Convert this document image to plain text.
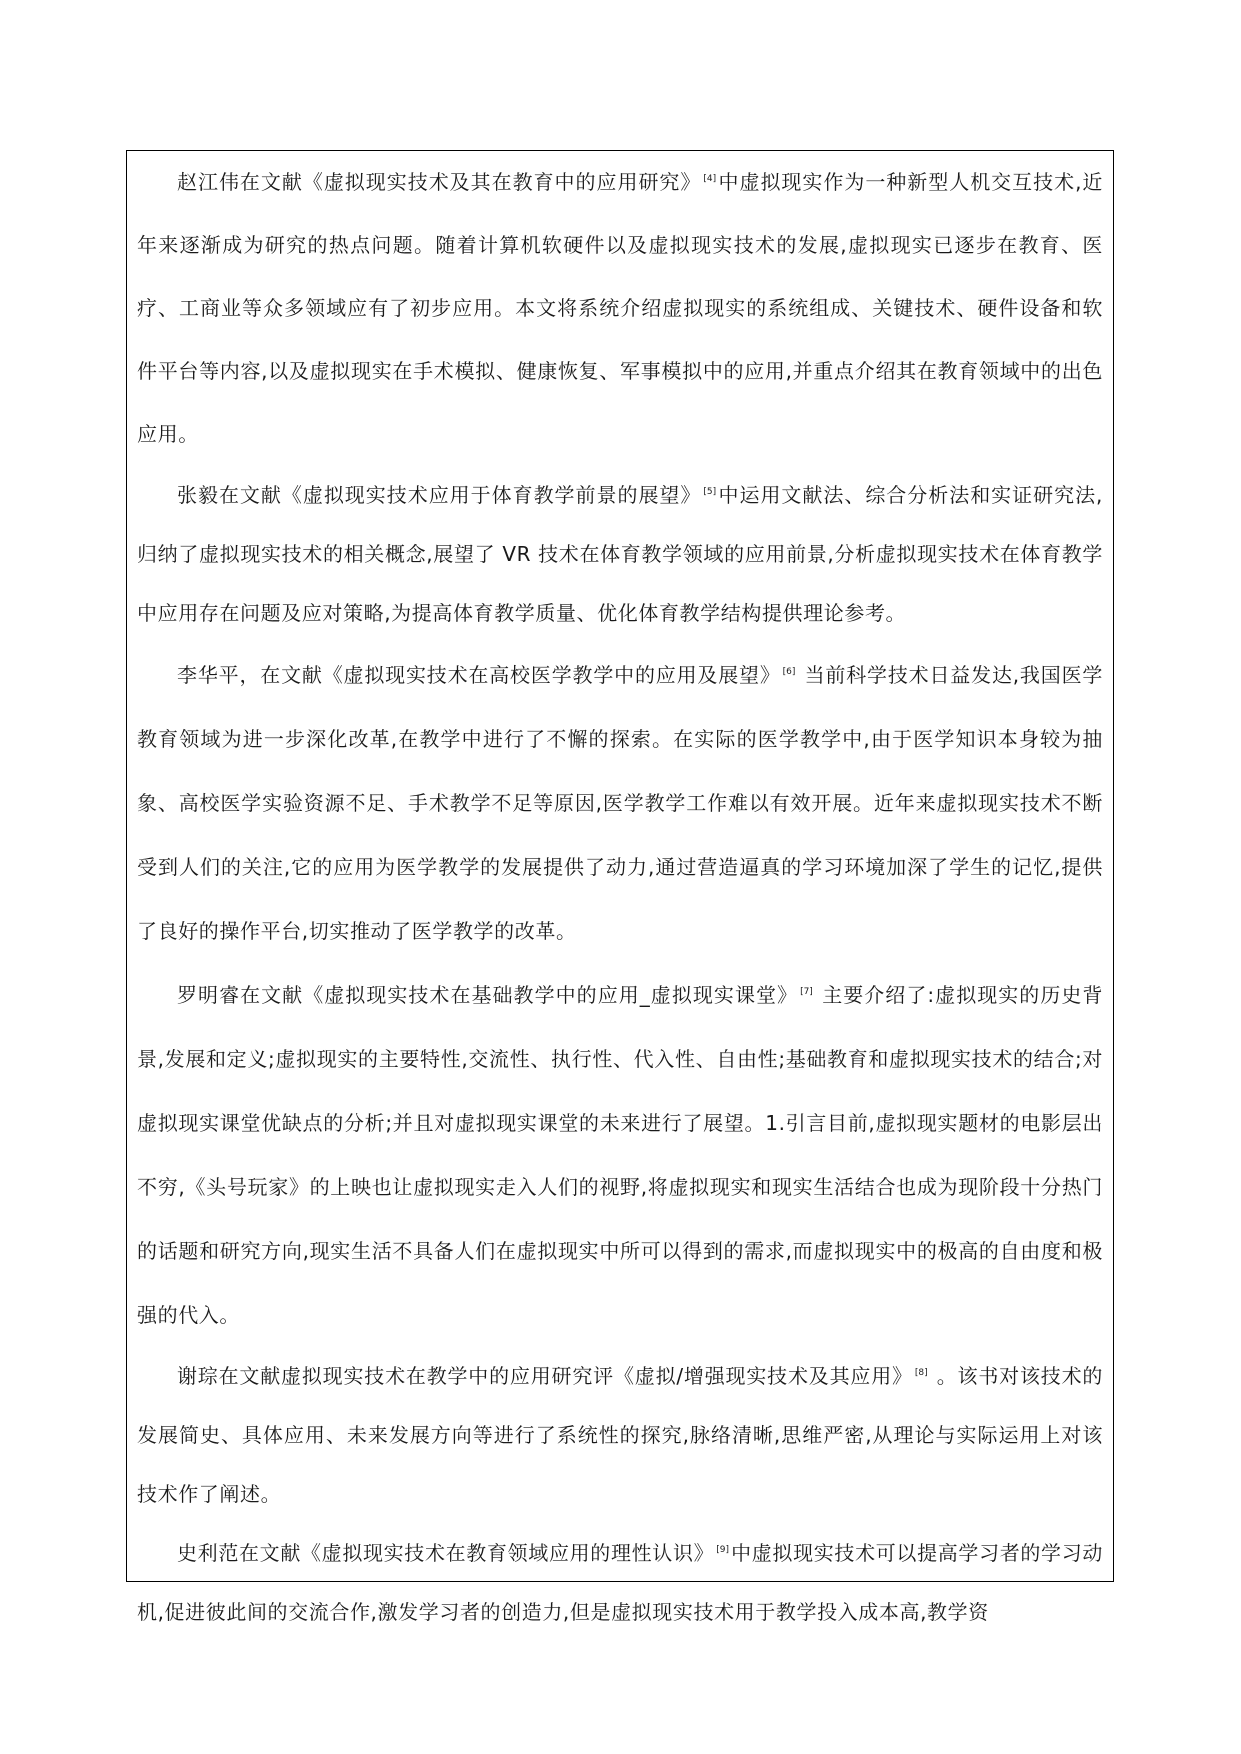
赵江伟在文献《虚拟现实技术及其在教育中的应用研究》 [4] 中虚拟现实作为一种新型人机交互技术,近年来逐渐成为研究的热点问题。随着计算机软硬件以及虚拟现实技术的发展,虚拟现实已逐步在教育、医疗、工商业等众多领域应有了初步应用。本文将系统介绍虚拟现实的系统组成、关键技术、硬件设备和软件平台等内容,以及虚拟现实在手术模拟、健康恢复、军事模拟中的应用,并重点介绍其在教育领域中的出色应用。

张毅在文献《虚拟现实技术应用于体育教学前景的展望》 [5] 中运用文献法、综合分析法和实证研究法,归纳了虚拟现实技术的相关概念,展望了 VR 技术在体育教学领域的应用前景,分析虚拟现实技术在体育教学中应用存在问题及应对策略,为提高体育教学质量、优化体育教学结构提供理论参考。

李华平，在文献《虚拟现实技术在高校医学教学中的应用及展望》 [6] 当前科学技术日益发达,我国医学教育领域为进一步深化改革,在教学中进行了不懈的探索。在实际的医学教学中,由于医学知识本身较为抽象、高校医学实验资源不足、手术教学不足等原因,医学教学工作难以有效开展。近年来虚拟现实技术不断受到人们的关注,它的应用为医学教学的发展提供了动力,通过营造逼真的学习环境加深了学生的记忆,提供了良好的操作平台,切实推动了医学教学的改革。

罗明睿在文献《虚拟现实技术在基础教学中的应用_虚拟现实课堂》 [7] 主要介绍了:虚拟现实的历史背景,发展和定义;虚拟现实的主要特性,交流性、执行性、代入性、自由性;基础教育和虚拟现实技术的结合;对虚拟现实课堂优缺点的分析;并且对虚拟现实课堂的未来进行了展望。1.引言目前,虚拟现实题材的电影层出不穷,《头号玩家》的上映也让虚拟现实走入人们的视野,将虚拟现实和现实生活结合也成为现阶段十分热门的话题和研究方向,现实生活不具备人们在虚拟现实中所可以得到的需求,而虚拟现实中的极高的自由度和极强的代入。

谢琮在文献虚拟现实技术在教学中的应用研究评《虚拟/增强现实技术及其应用》 [8] 。该书对该技术的发展简史、具体应用、未来发展方向等进行了系统性的探究,脉络清晰,思维严密,从理论与实际运用上对该技术作了阐述。

史利范在文献《虚拟现实技术在教育领域应用的理性认识》 [9] 中虚拟现实技术可以提高学习者的学习动机,促进彼此间的交流合作,激发学习者的创造力,但是虚拟现实技术用于教学投入成本高,教学资
